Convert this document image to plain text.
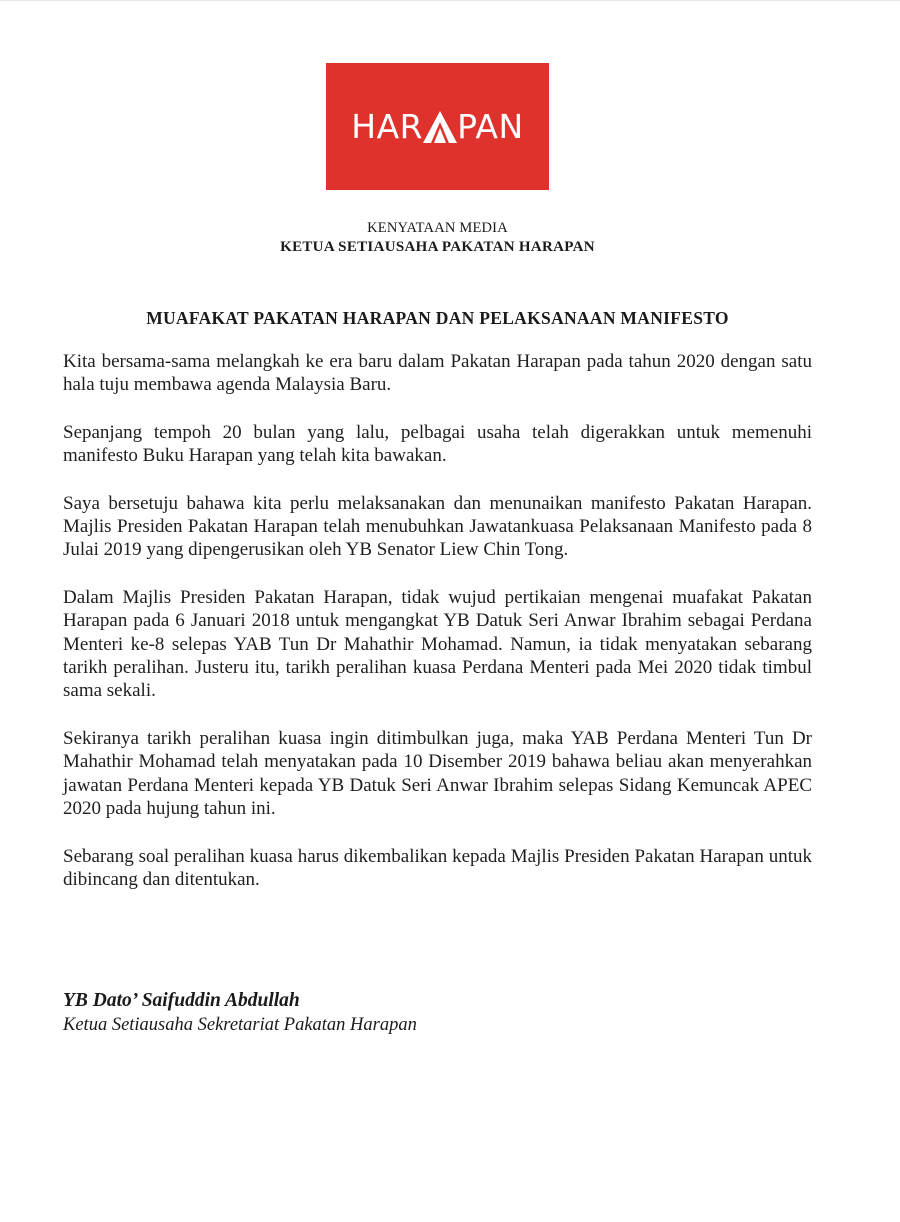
HAR PAN
KENYATAAN MEDIA
KETUA SETIAUSAHA PAKATAN HARAPAN
MUAFAKAT PAKATAN HARAPAN DAN PELAKSANAAN MANIFESTO

Kita bersama-sama melangkah ke era baru dalam Pakatan Harapan pada tahun 2020 dengan satu hala tuju membawa agenda Malaysia Baru.

Sepanjang tempoh 20 bulan yang lalu, pelbagai usaha telah digerakkan untuk memenuhi manifesto Buku Harapan yang telah kita bawakan.

Saya bersetuju bahawa kita perlu melaksanakan dan menunaikan manifesto Pakatan Harapan. Majlis Presiden Pakatan Harapan telah menubuhkan Jawatankuasa Pelaksanaan Manifesto pada 8 Julai 2019 yang dipengerusikan oleh YB Senator Liew Chin Tong.

Dalam Majlis Presiden Pakatan Harapan, tidak wujud pertikaian mengenai muafakat Pakatan Harapan pada 6 Januari 2018 untuk mengangkat YB Datuk Seri Anwar Ibrahim sebagai Perdana Menteri ke-8 selepas YAB Tun Dr Mahathir Mohamad. Namun, ia tidak menyatakan sebarang tarikh peralihan. Justeru itu, tarikh peralihan kuasa Perdana Menteri pada Mei 2020 tidak timbul sama sekali.

Sekiranya tarikh peralihan kuasa ingin ditimbulkan juga, maka YAB Perdana Menteri Tun Dr Mahathir Mohamad telah menyatakan pada 10 Disember 2019 bahawa beliau akan menyerahkan jawatan Perdana Menteri kepada YB Datuk Seri Anwar Ibrahim selepas Sidang Kemuncak APEC 2020 pada hujung tahun ini.

Sebarang soal peralihan kuasa harus dikembalikan kepada Majlis Presiden Pakatan Harapan untuk dibincang dan ditentukan.

YB Dato’ Saifuddin Abdullah
Ketua Setiausaha Sekretariat Pakatan Harapan
